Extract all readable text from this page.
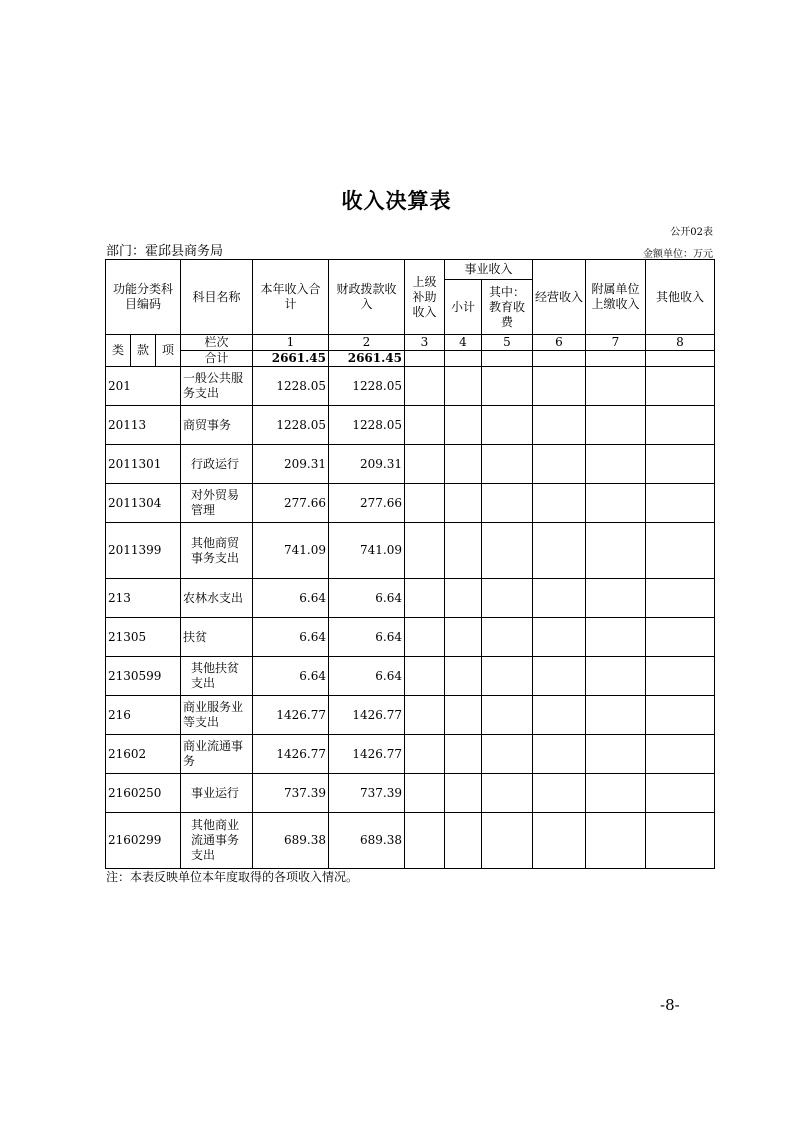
收入决算表
公开02表
部门：霍邱县商务局	金额单位：万元
功能分类科目编码			科目名称	本年收入合计	财政拨款收入	上级补助收入	事业收入		经营收入	附属单位上缴收入	其他收入
							小计	其中：教育收费			

类	款	项	栏次	1	2	3	4	5	6	7	8
			合计	2661.45	2661.45						
201			一般公共服务支出	1228.05	1228.05						
20113			商贸事务	1228.05	1228.05						
2011301			行政运行	209.31	209.31						
2011304			对外贸易管理	277.66	277.66						
2011399			其他商贸事务支出	741.09	741.09						
213			农林水支出	6.64	6.64						
21305			扶贫	6.64	6.64						
2130599			其他扶贫支出	6.64	6.64						
216			商业服务业等支出	1426.77	1426.77						
21602			商业流通事务	1426.77	1426.77						
2160250			事业运行	737.39	737.39						
2160299			其他商业流通事务支出	689.38	689.38						
注：本表反映单位本年度取得的各项收入情况。
-8-
